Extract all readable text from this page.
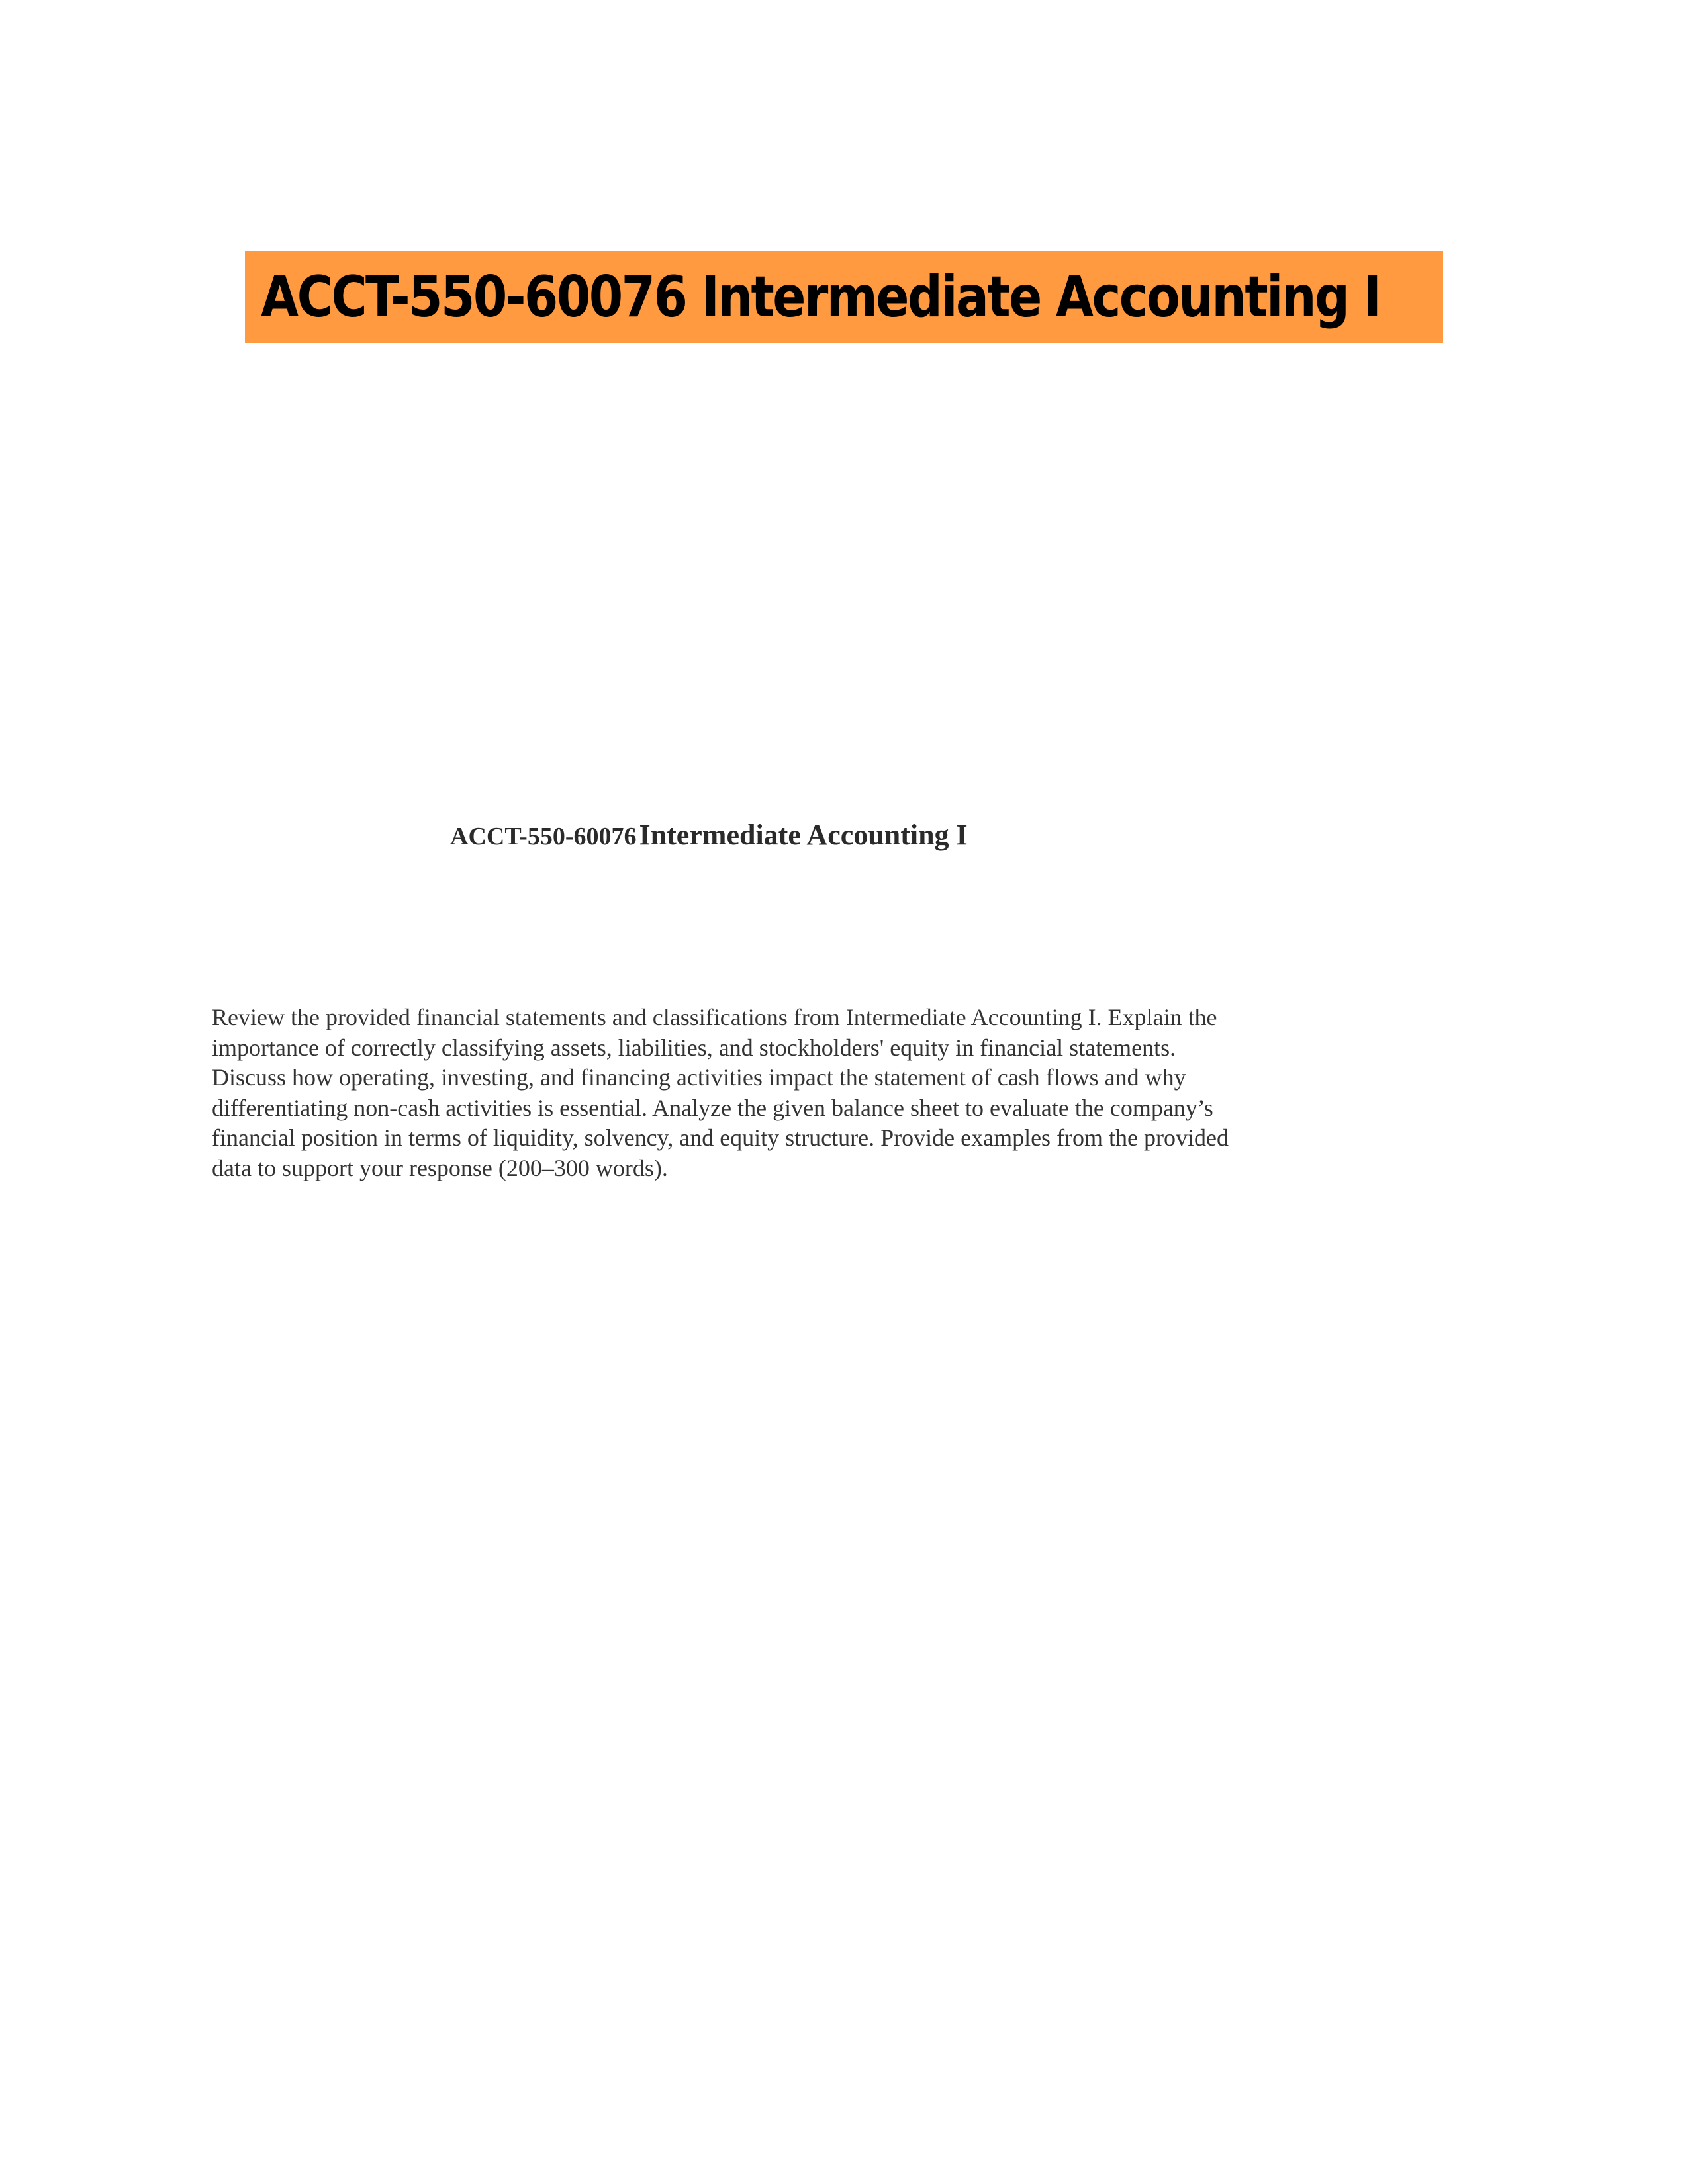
ACCT-550-60076 Intermediate Accounting I
ACCT-550-60076 Intermediate Accounting I

Review the provided financial statements and classifications from Intermediate Accounting I. Explain the importance of correctly classifying assets, liabilities, and stockholders' equity in financial statements. Discuss how operating, investing, and financing activities impact the statement of cash flows and why differentiating non-cash activities is essential. Analyze the given balance sheet to evaluate the company’s financial position in terms of liquidity, solvency, and equity structure. Provide examples from the provided data to support your response (200–300 words).
